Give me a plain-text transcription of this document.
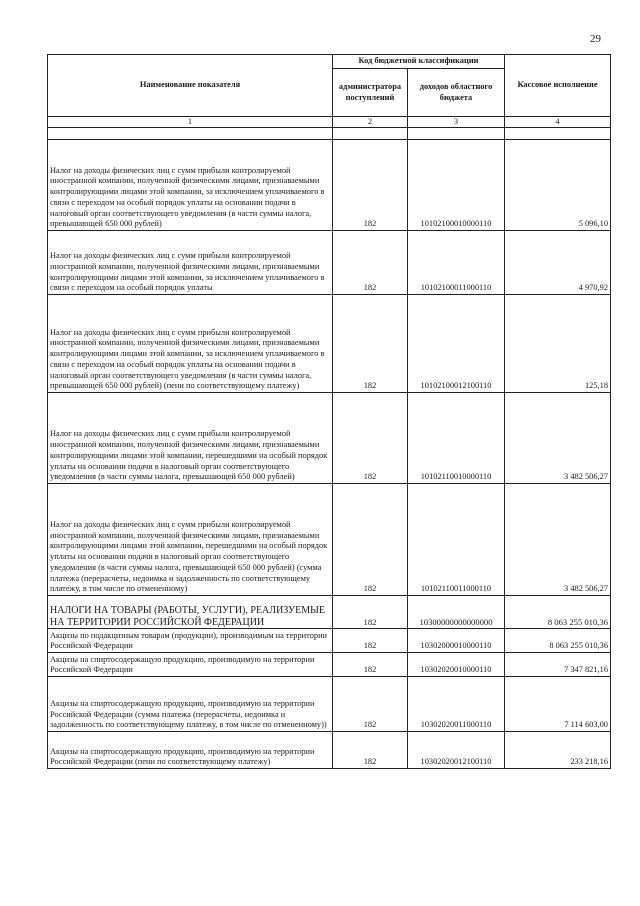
29
Наименование показателя	Код бюджетной классификации		Кассовое исполнение
	администратора поступлений	доходов областного бюджета	
1	2	3	4

Налог на доходы физических лиц с сумм прибыли контролируемой иностранной компании, полученной физическими лицами, признаваемыми контролирующими лицами этой компании, за исключением уплачиваемого в связи с переходом на особый порядок уплаты на основании подачи в налоговый орган соответствующего уведомления (в части суммы налога, превышающей 650 000 рублей)	182	10102100010000110	5 096,10
Налог на доходы физических лиц с сумм прибыли контролируемой иностранной компании, полученной физическими лицами, признаваемыми контролирующими лицами этой компании, за исключением уплачиваемого в связи с переходом на особый порядок уплаты	182	10102100011000110	4 970,92
Налог на доходы физических лиц с сумм прибыли контролируемой иностранной компании, полученной физическими лицами, признаваемыми контролирующими лицами этой компании, за исключением уплачиваемого в связи с переходом на особый порядок уплаты на основании подачи в налоговый орган соответствующего уведомления (в части суммы налога, превышающей 650 000 рублей) (пени по соответствующему платежу)	182	10102100012100110	125,18
Налог на доходы физических лиц с сумм прибыли контролируемой иностранной компании, полученной физическими лицами, признаваемыми контролирующими лицами этой компании, перешедшими на особый порядок уплаты на основании подачи в налоговый орган соответствующего уведомления (в части суммы налога, превышающей 650 000 рублей)	182	10102110010000110	3 482 506,27
Налог на доходы физических лиц с сумм прибыли контролируемой иностранной компании, полученной физическими лицами, признаваемыми контролирующими лицами этой компании, перешедшими на особый порядок уплаты на основании подачи в налоговый орган соответствующего уведомления (в части суммы налога, превышающей 650 000 рублей) (сумма платежа (перерасчеты, недоимка и задолженность по соответствующему платежу, в том числе по отмененному)	182	10102110011000110	3 482 506,27
НАЛОГИ НА ТОВАРЫ (РАБОТЫ, УСЛУГИ), РЕАЛИЗУЕМЫЕ НА ТЕРРИТОРИИ РОССИЙСКОЙ ФЕДЕРАЦИИ	182	10300000000000000	8 063 255 010,36
Акцизы по подакцизным товарам (продукции), производимым на территории Российской Федерации	182	10302000010000110	8 063 255 010,36
Акцизы на спиртосодержащую продукцию, производимую на территории Российской Федерации	182	10302020010000110	7 347 821,16
Акцизы на спиртосодержащую продукцию, производимую на территории Российской Федерации (сумма платежа (перерасчеты, недоимка и задолженность по соответствующему платежу, в том числе по отмененному))	182	10302020011000110	7 114 603,00
Акцизы на спиртосодержащую продукцию, производимую на территории Российской Федерации (пени по соответствующему платежу)	182	10302020012100110	233 218,16
